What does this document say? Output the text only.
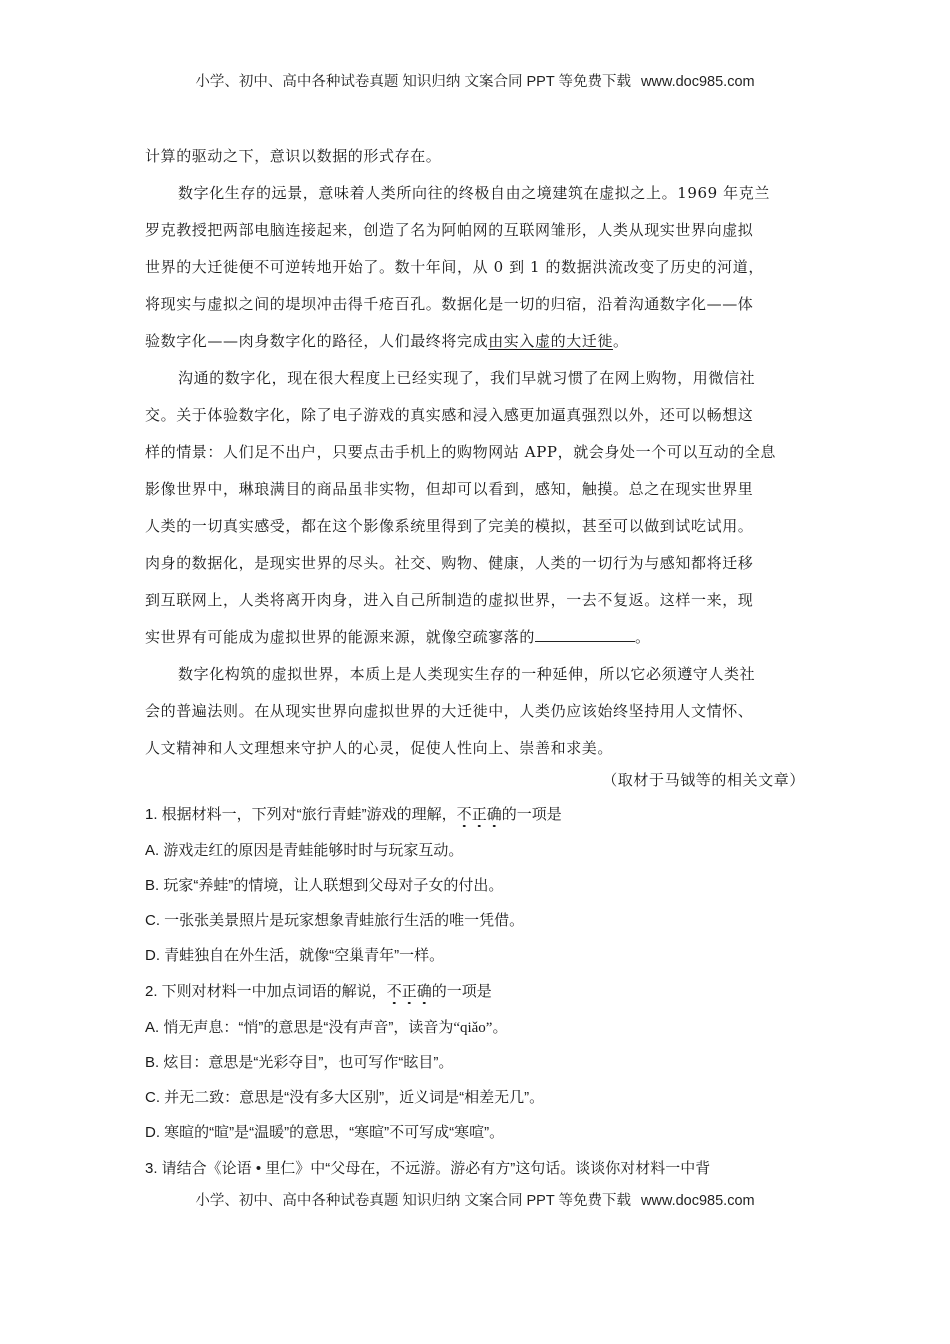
小学、初中、高中各种试卷真题 知识归纳 文案合同 PPT 等免费下载 www.doc985.com
计算的驱动之下，意识以数据的形式存在。
数字化生存的远景，意味着人类所向往的终极自由之境建筑在虚拟之上。1969 年克兰
罗克教授把两部电脑连接起来，创造了名为阿帕网的互联网雏形，人类从现实世界向虚拟
世界的大迁徙便不可逆转地开始了。数十年间，从 0 到 1 的数据洪流改变了历史的河道，
将现实与虚拟之间的堤坝冲击得千疮百孔。数据化是一切的归宿，沿着沟通数字化——体
验数字化——肉身数字化的路径，人们最终将完成由实入虚的大迁徙。
沟通的数字化，现在很大程度上已经实现了，我们早就习惯了在网上购物，用微信社
交。关于体验数字化，除了电子游戏的真实感和浸入感更加逼真强烈以外，还可以畅想这
样的情景：人们足不出户，只要点击手机上的购物网站 APP，就会身处一个可以互动的全息
影像世界中，琳琅满目的商品虽非实物，但却可以看到，感知，触摸。总之在现实世界里
人类的一切真实感受，都在这个影像系统里得到了完美的模拟，甚至可以做到试吃试用。
肉身的数据化，是现实世界的尽头。社交、购物、健康，人类的一切行为与感知都将迁移
到互联网上，人类将离开肉身，进入自己所制造的虚拟世界，一去不复返。这样一来，现
实世界有可能成为虚拟世界的能源来源，就像空疏寥落的	。
数字化构筑的虚拟世界，本质上是人类现实生存的一种延伸，所以它必须遵守人类社
会的普遍法则。在从现实世界向虚拟世界的大迁徙中，人类仍应该始终坚持用人文情怀、
人文精神和人文理想来守护人的心灵，促使人性向上、崇善和求美。
（取材于马钺等的相关文章）
1. 根据材料一，下列对“旅行青蛙”游戏的理解，不正确的一项是
A. 游戏走红的原因是青蛙能够时时与玩家互动。
B. 玩家“养蛙”的情境，让人联想到父母对子女的付出。
C. 一张张美景照片是玩家想象青蛙旅行生活的唯一凭借。
D. 青蛙独自在外生活，就像“空巢青年”一样。
2. 下则对材料一中加点词语的解说，不正确的一项是
A. 悄无声息：“悄”的意思是“没有声音”，读音为“qiǎo”。
B. 炫目：意思是“光彩夺目”，也可写作“眩目”。
C. 并无二致：意思是“没有多大区别”，近义词是“相差无几”。
D. 寒暄的“暄”是“温暖”的意思，“寒暄”不可写成“寒喧”。
3. 请结合《论语 • 里仁》中“父母在，不远游。游必有方”这句话。谈谈你对材料一中背
小学、初中、高中各种试卷真题 知识归纳 文案合同 PPT 等免费下载 www.doc985.com
